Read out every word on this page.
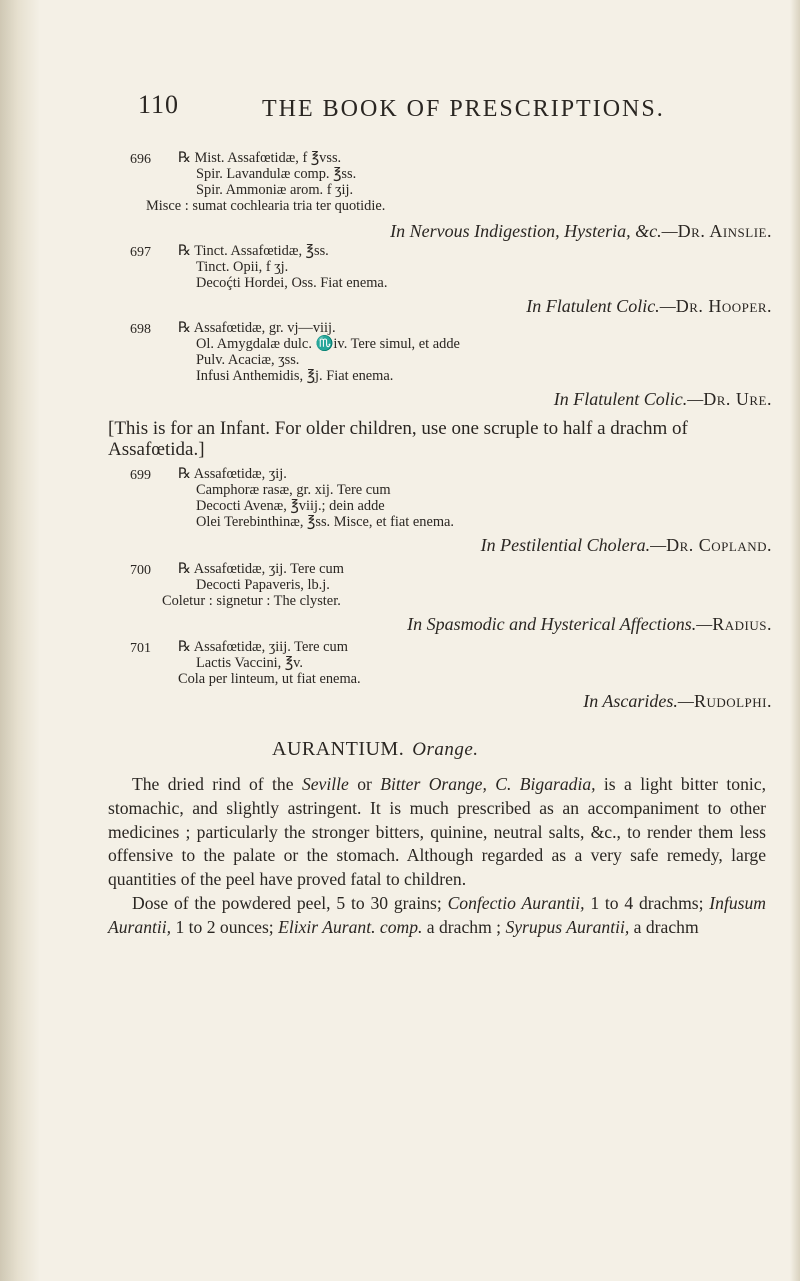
110	THE BOOK OF PRESCRIPTIONS.
696 ℞ Mist. Assafœtidæ, f ℥vss.
Spir. Lavandulæ comp. ℥ss.
Spir. Ammoniæ arom. f ʒij.
Misce : sumat cochlearia tria ter quotidie.
In Nervous Indigestion, Hysteria, &c.—Dr. Ainslie.
697 ℞ Tinct. Assafœtidæ, ℥ss.
Tinct. Opii, f ʒj.
Decoḉti Hordei, Oss. Fiat enema.
In Flatulent Colic.—Dr. Hooper.
698 ℞ Assafœtidæ, gr. vj—viij.
Ol. Amygdalæ dulc. ♏iv. Tere simul, et adde
Pulv. Acaciæ, ʒss.
Infusi Anthemidis, ℥j. Fiat enema.
In Flatulent Colic.—Dr. Ure.
[This is for an Infant. For older children, use one scruple to half a drachm of Assafœtida.]
699 ℞ Assafœtidæ, ʒij.
Camphoræ rasæ, gr. xij. Tere cum
Decocti Avenæ, ℥viij.; dein adde
Olei Terebinthinæ, ℥ss. Misce, et fiat enema.
In Pestilential Cholera.—Dr. Copland.
700 ℞ Assafœtidæ, ʒij. Tere cum
Decocti Papaveris, lb.j.
Coletur : signetur : The clyster.
In Spasmodic and Hysterical Affections.—Radius.
701 ℞ Assafœtidæ, ʒiij. Tere cum
Lactis Vaccini, ℥v.
Cola per linteum, ut fiat enema.
In Ascarides.—Rudolphi.
AURANTIUM. Orange.

The dried rind of the Seville or Bitter Orange, C. Bigaradia, is a light bitter tonic, stomachic, and slightly astringent. It is much prescribed as an accompaniment to other medicines ; particularly the stronger bitters, quinine, neutral salts, &c., to render them less offensive to the palate or the stomach. Although regarded as a very safe remedy, large quantities of the peel have proved fatal to children.

Dose of the powdered peel, 5 to 30 grains; Confectio Aurantii, 1 to 4 drachms; Infusum Aurantii, 1 to 2 ounces; Elixir Aurant. comp. a drachm ; Syrupus Aurantii, a drachm
